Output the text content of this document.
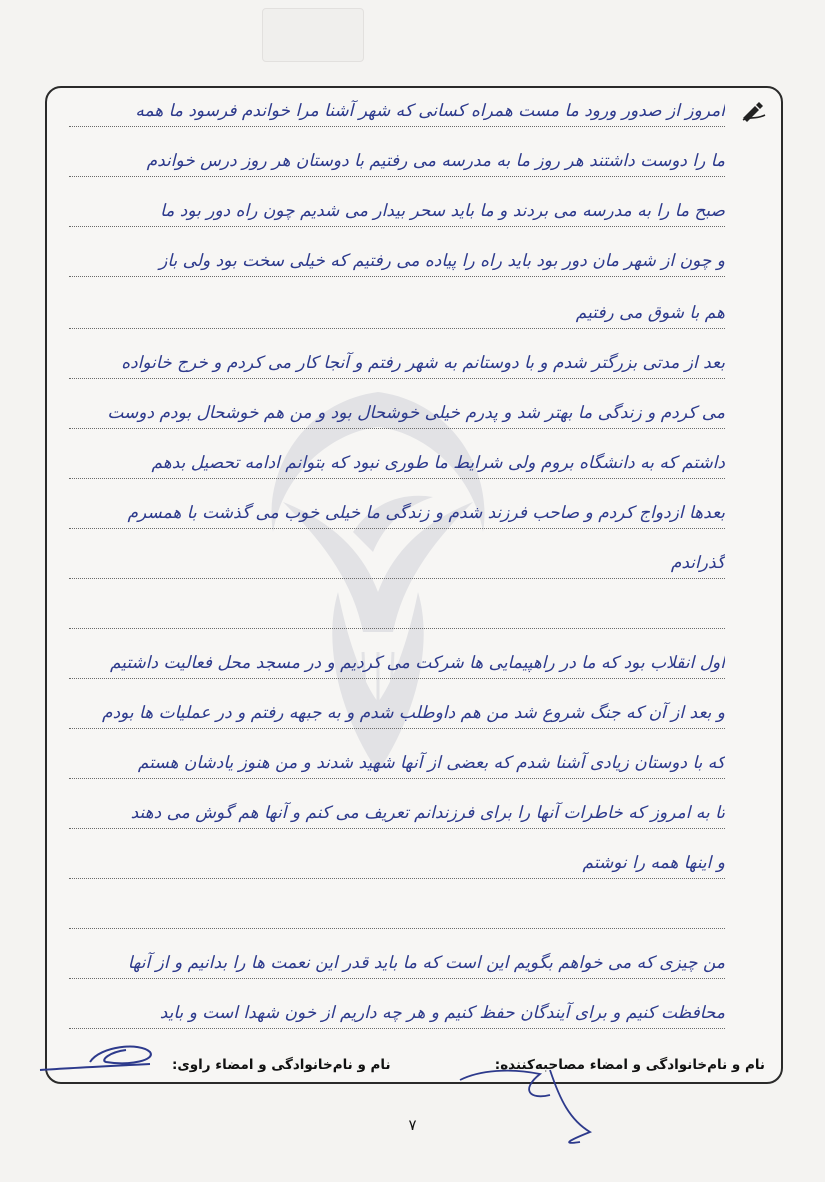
امروز از صدور ورود ما مست همراه کسانی که شهر آشنا مرا خواندم فرسود ما همه
ما را دوست داشتند هر روز ما به مدرسه می رفتیم با دوستان هر روز درس خواندم
صبح ما را به مدرسه می بردند و ما باید سحر بیدار می شدیم چون راه دور بود ما
و چون از شهر مان دور بود باید راه را پیاده می رفتیم که خیلی سخت بود ولی باز
هم با شوق می رفتیم
بعد از مدتی بزرگتر شدم و با دوستانم به شهر رفتم و آنجا کار می کردم و خرج خانواده
می کردم و زندگی ما بهتر شد و پدرم خیلی خوشحال بود و من هم خوشحال بودم دوست
داشتم که به دانشگاه بروم ولی شرایط ما طوری نبود که بتوانم ادامه تحصیل بدهم
بعدها ازدواج کردم و صاحب فرزند شدم و زندگی ما خیلی خوب می گذشت با همسرم
گذراندم
اول انقلاب بود که ما در راهپیمایی ها شرکت می کردیم و در مسجد محل فعالیت داشتیم
و بعد از آن که جنگ شروع شد من هم داوطلب شدم و به جبهه رفتم و در عملیات ها بودم
که با دوستان زیادی آشنا شدم که بعضی از آنها شهید شدند و من هنوز یادشان هستم
تا به امروز که خاطرات آنها را برای فرزندانم تعریف می کنم و آنها هم گوش می دهند
و اینها همه را نوشتم
من چیزی که می خواهم بگویم این است که ما باید قدر این نعمت ها را بدانیم و از آنها
محافظت کنیم و برای آیندگان حفظ کنیم و هر چه داریم از خون شهدا است و باید
نام و نام‌خانوادگی و امضاء مصاحبه‌کننده:
نام و نام‌خانوادگی و امضاء راوی:
۷
